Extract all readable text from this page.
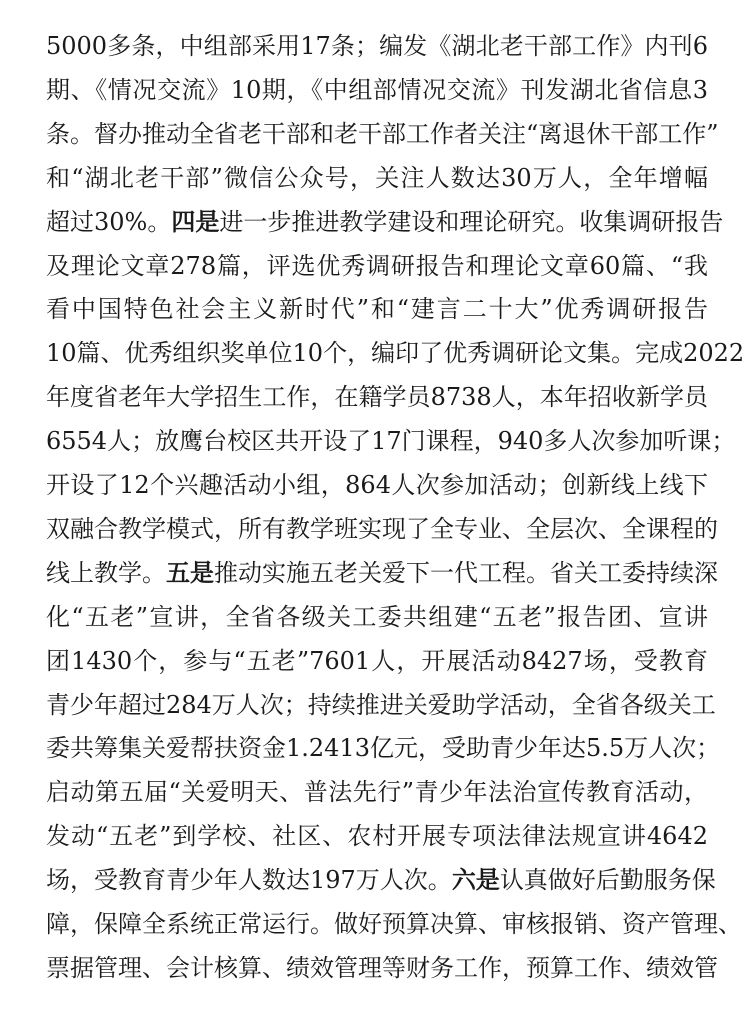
5000多条，中组部采用17条；编发《湖北老干部工作》内刊6
期、《情况交流》10期，《中组部情况交流》刊发湖北省信息3
条。督办推动全省老干部和老干部工作者关注“离退休干部工作”
和“湖北老干部”微信公众号，关注人数达30万人，全年增幅
超过30%。四是进一步推进教学建设和理论研究。收集调研报告
及理论文章278篇，评选优秀调研报告和理论文章60篇、“我
看中国特色社会主义新时代”和“建言二十大”优秀调研报告
10篇、优秀组织奖单位10个，编印了优秀调研论文集。完成2022
年度省老年大学招生工作，在籍学员8738人，本年招收新学员
6554人；放鹰台校区共开设了17门课程，940多人次参加听课；
开设了12个兴趣活动小组，864人次参加活动；创新线上线下
双融合教学模式，所有教学班实现了全专业、全层次、全课程的
线上教学。五是推动实施五老关爱下一代工程。省关工委持续深
化“五老”宣讲，全省各级关工委共组建“五老”报告团、宣讲
团1430个，参与“五老”7601人，开展活动8427场，受教育
青少年超过284万人次；持续推进关爱助学活动，全省各级关工
委共筹集关爱帮扶资金1.2413亿元，受助青少年达5.5万人次；
启动第五届“关爱明天、普法先行”青少年法治宣传教育活动，
发动“五老”到学校、社区、农村开展专项法律法规宣讲4642
场，受教育青少年人数达197万人次。六是认真做好后勤服务保
障，保障全系统正常运行。做好预算决算、审核报销、资产管理、
票据管理、会计核算、绩效管理等财务工作，预算工作、绩效管
